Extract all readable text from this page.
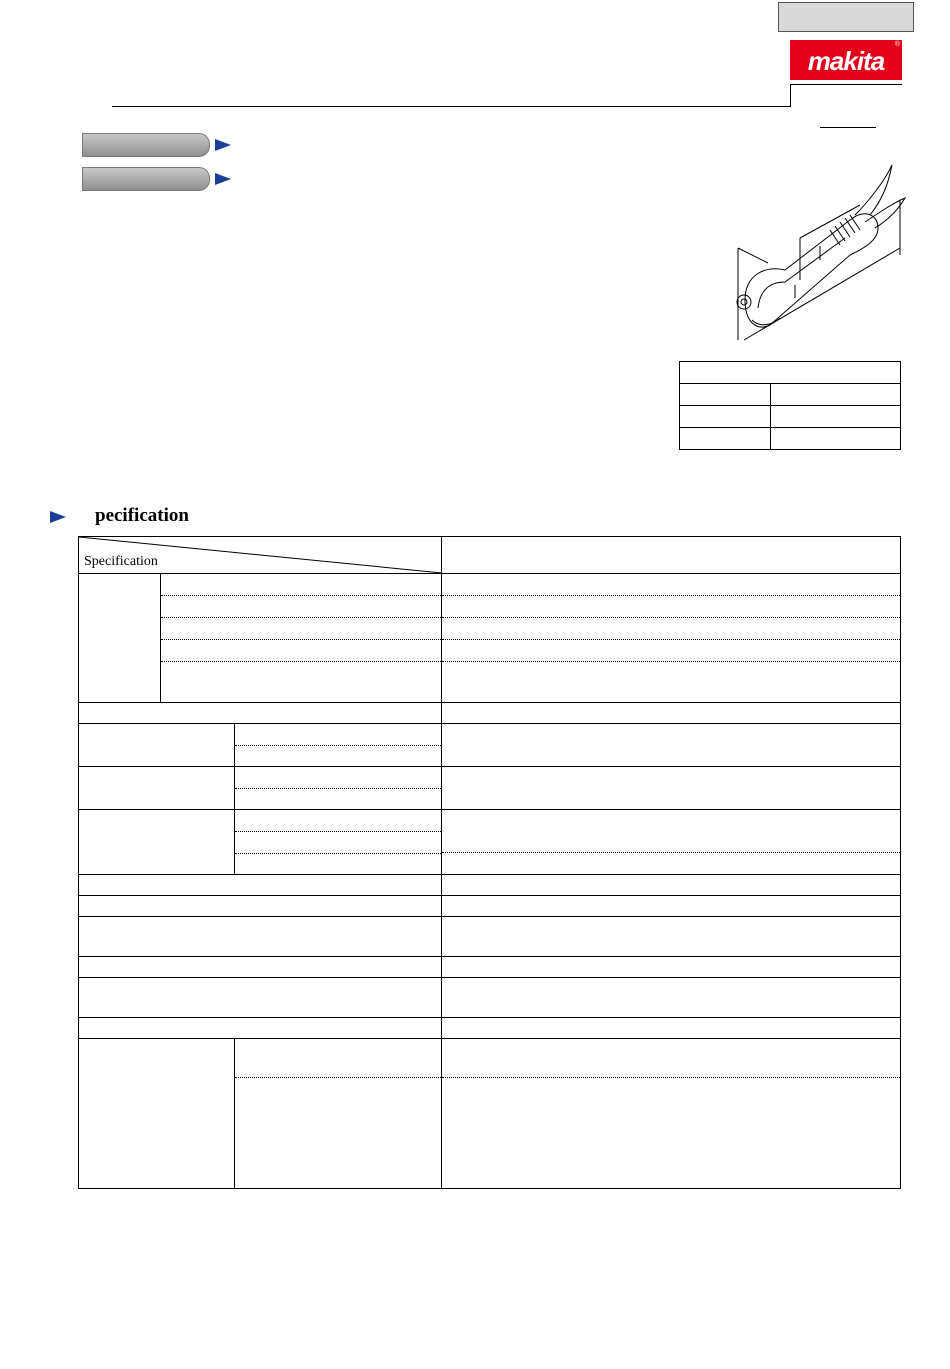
makita
®

pecification
Specification			
